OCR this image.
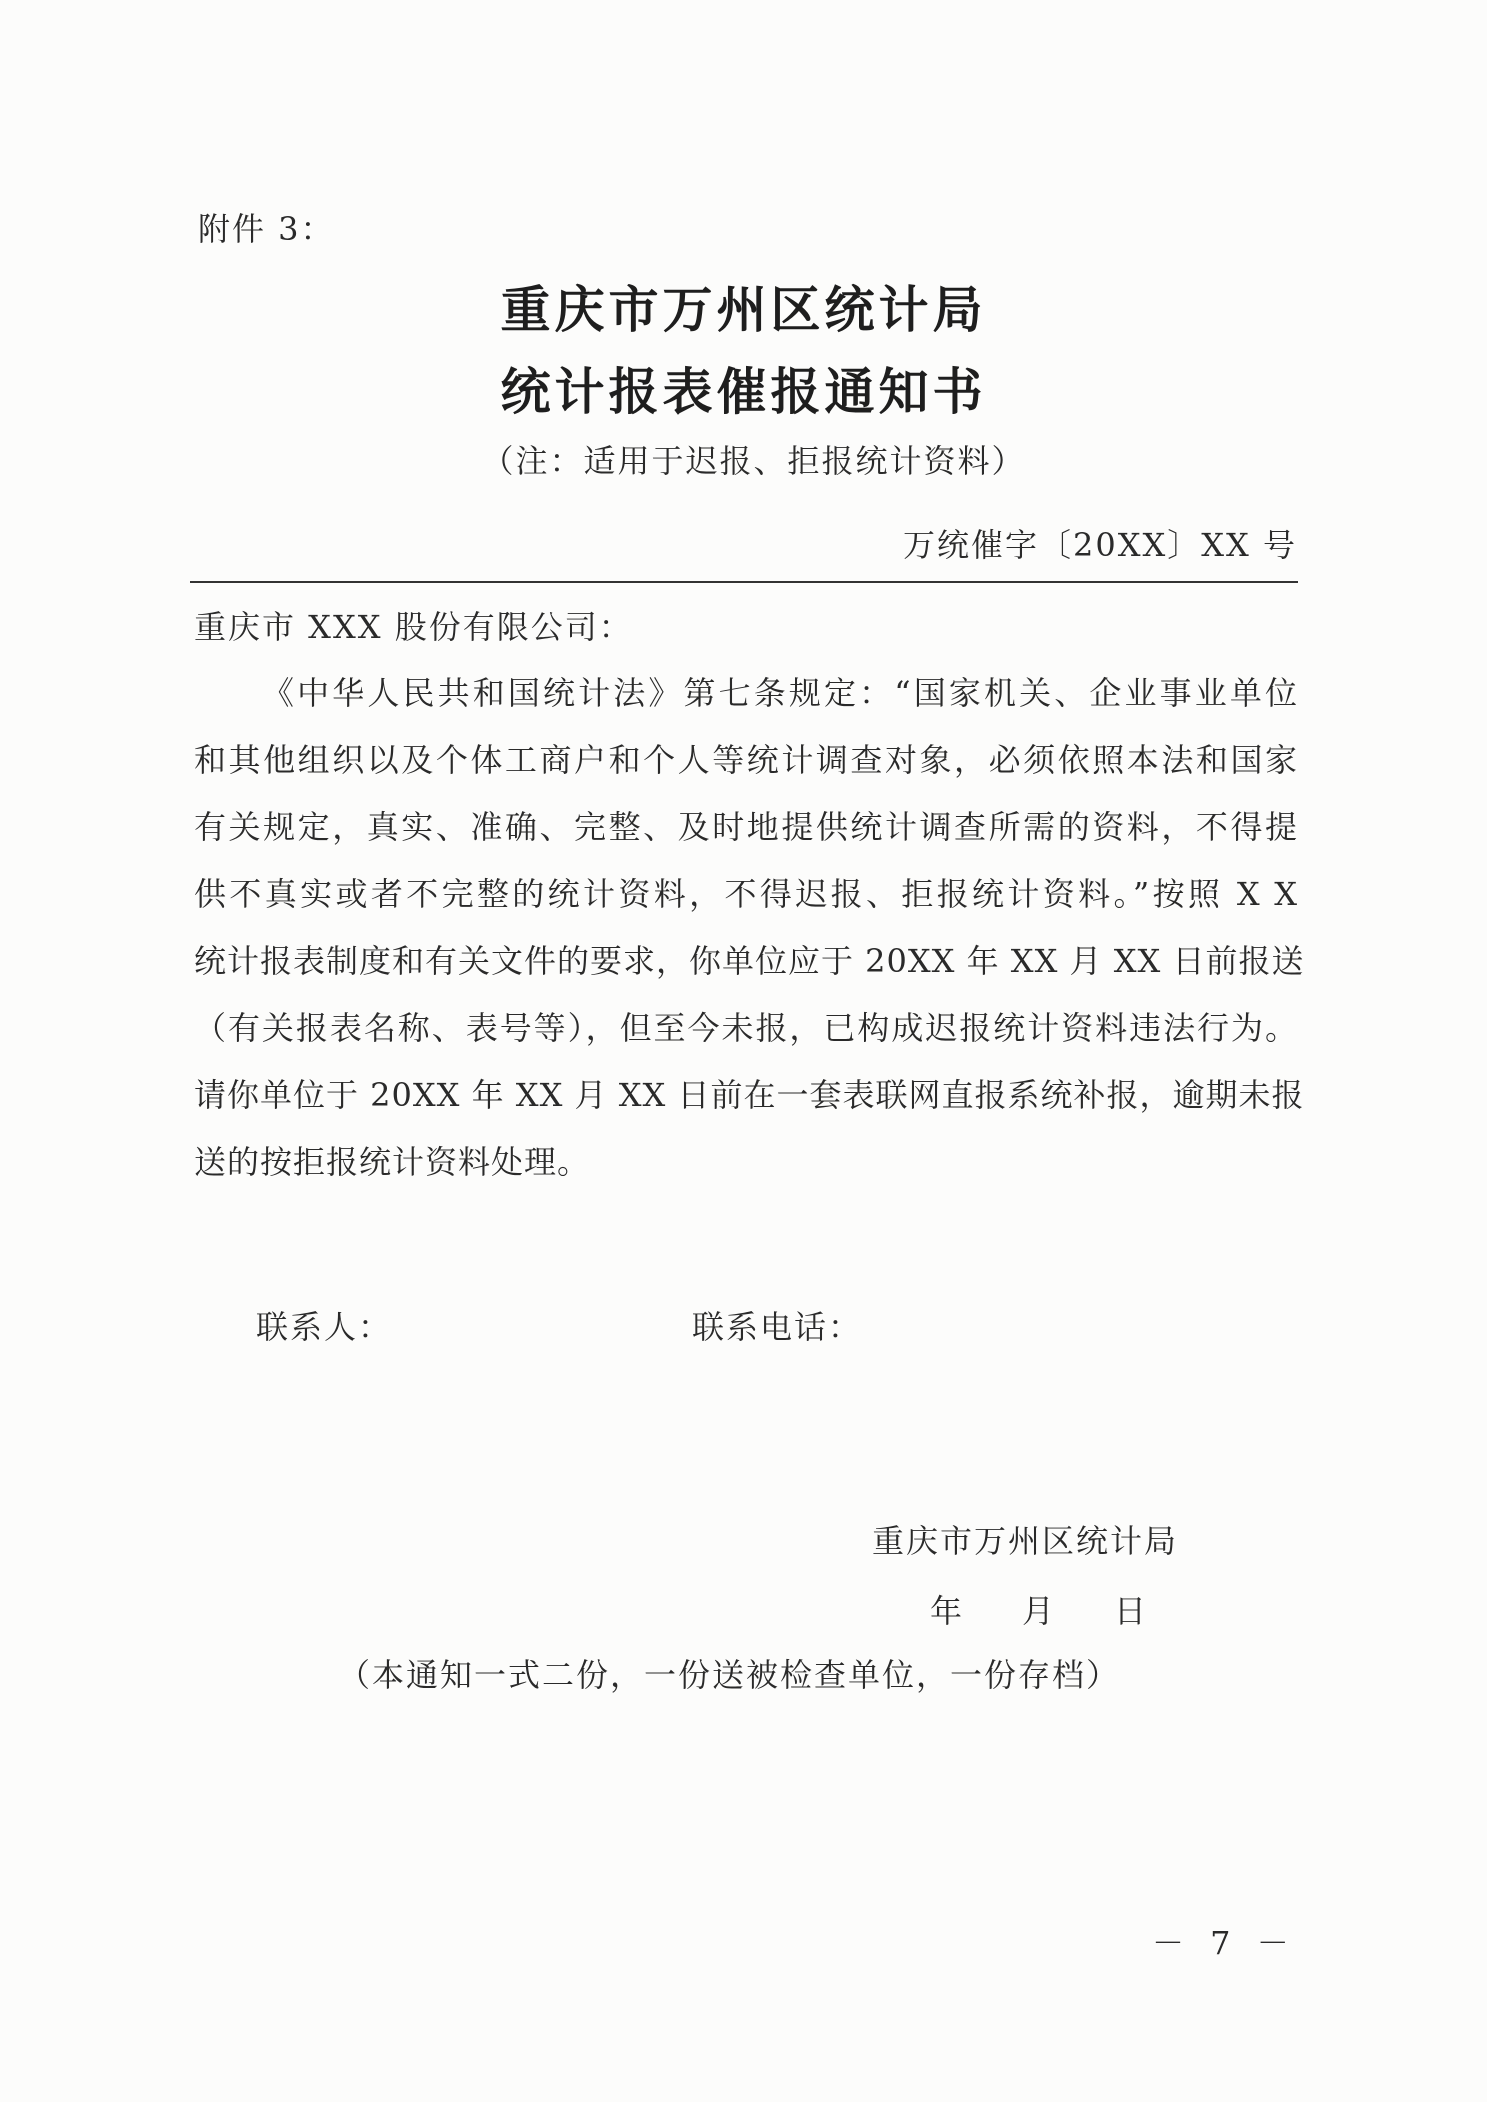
附件 3：
重庆市万州区统计局
统计报表催报通知书
（注：适用于迟报、拒报统计资料）
万统催字〔20XX〕XX 号
重庆市 XXX 股份有限公司：
《中华人民共和国统计法》第七条规定：“国家机关、企业事业单位
和其他组织以及个体工商户和个人等统计调查对象，必须依照本法和国家
有关规定，真实、准确、完整、及时地提供统计调查所需的资料，不得提
供不真实或者不完整的统计资料，不得迟报、拒报统计资料。”按照 X X
统计报表制度和有关文件的要求，你单位应于 20XX 年 XX 月 XX 日前报送
（有关报表名称、表号等），但至今未报，已构成迟报统计资料违法行为。
请你单位于 20XX 年 XX 月 XX 日前在一套表联网直报系统补报，逾期未报
送的按拒报统计资料处理。
联系人：	联系电话：
重庆市万州区统计局
年 月 日
（本通知一式二份，一份送被检查单位，一份存档）
－ 7 －
